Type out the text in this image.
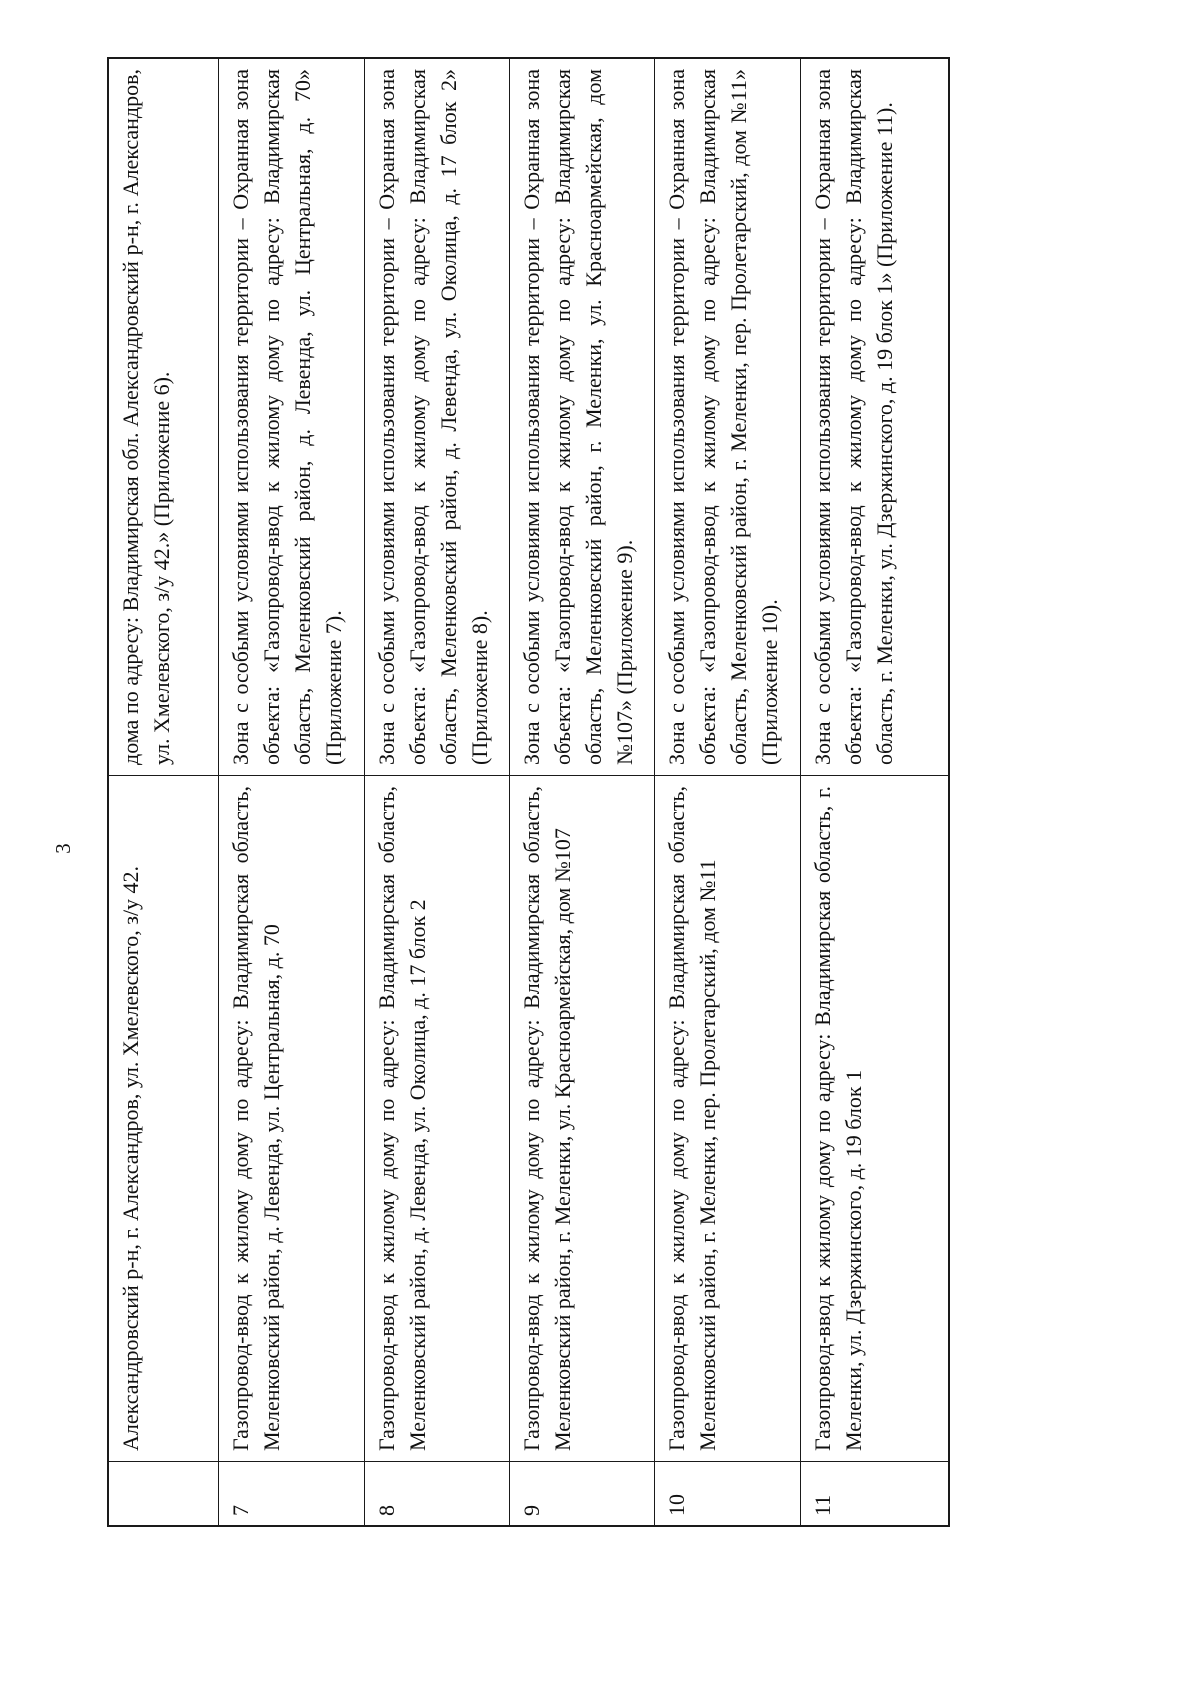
3
Александровский р-н, г. Александров, ул. Хмелевского, з/у 42.
дома по адресу: Владимирская обл. Александровский р-н, г. Александров, ул. Хмелевского, з/у 42.» (Приложение 6).
7
Газопровод-ввод к жилому дому по адресу: Владимирская область, Меленковский район, д. Левенда, ул. Центральная, д. 70
Зона с особыми условиями использования территории – Охранная зона объекта: «Газопровод-ввод к жилому дому по адресу: Владимирская область, Меленковский район, д. Левенда, ул. Центральная, д. 70» (Приложение 7).
8
Газопровод-ввод к жилому дому по адресу: Владимирская область, Меленковский район, д. Левенда, ул. Околица, д. 17 блок 2
Зона с особыми условиями использования территории – Охранная зона объекта: «Газопровод-ввод к жилому дому по адресу: Владимирская область, Меленковский район, д. Левенда, ул. Околица, д. 17 блок 2» (Приложение 8).
9
Газопровод-ввод к жилому дому по адресу: Владимирская область, Меленковский район, г. Меленки, ул. Красноармейская, дом №107
Зона с особыми условиями использования территории – Охранная зона объекта: «Газопровод-ввод к жилому дому по адресу: Владимирская область, Меленковский район, г. Меленки, ул. Красноармейская, дом №107» (Приложение 9).
10
Газопровод-ввод к жилому дому по адресу: Владимирская область, Меленковский район, г. Меленки, пер. Пролетарский, дом №11
Зона с особыми условиями использования территории – Охранная зона объекта: «Газопровод-ввод к жилому дому по адресу: Владимирская область, Меленковский район, г. Меленки, пер. Пролетарский, дом №11» (Приложение 10).
11
Газопровод-ввод к жилому дому по адресу: Владимирская область, г. Меленки, ул. Дзержинского, д. 19 блок 1
Зона с особыми условиями использования территории – Охранная зона объекта: «Газопровод-ввод к жилому дому по адресу: Владимирская область, г. Меленки, ул. Дзержинского, д. 19 блок 1» (Приложение 11).
